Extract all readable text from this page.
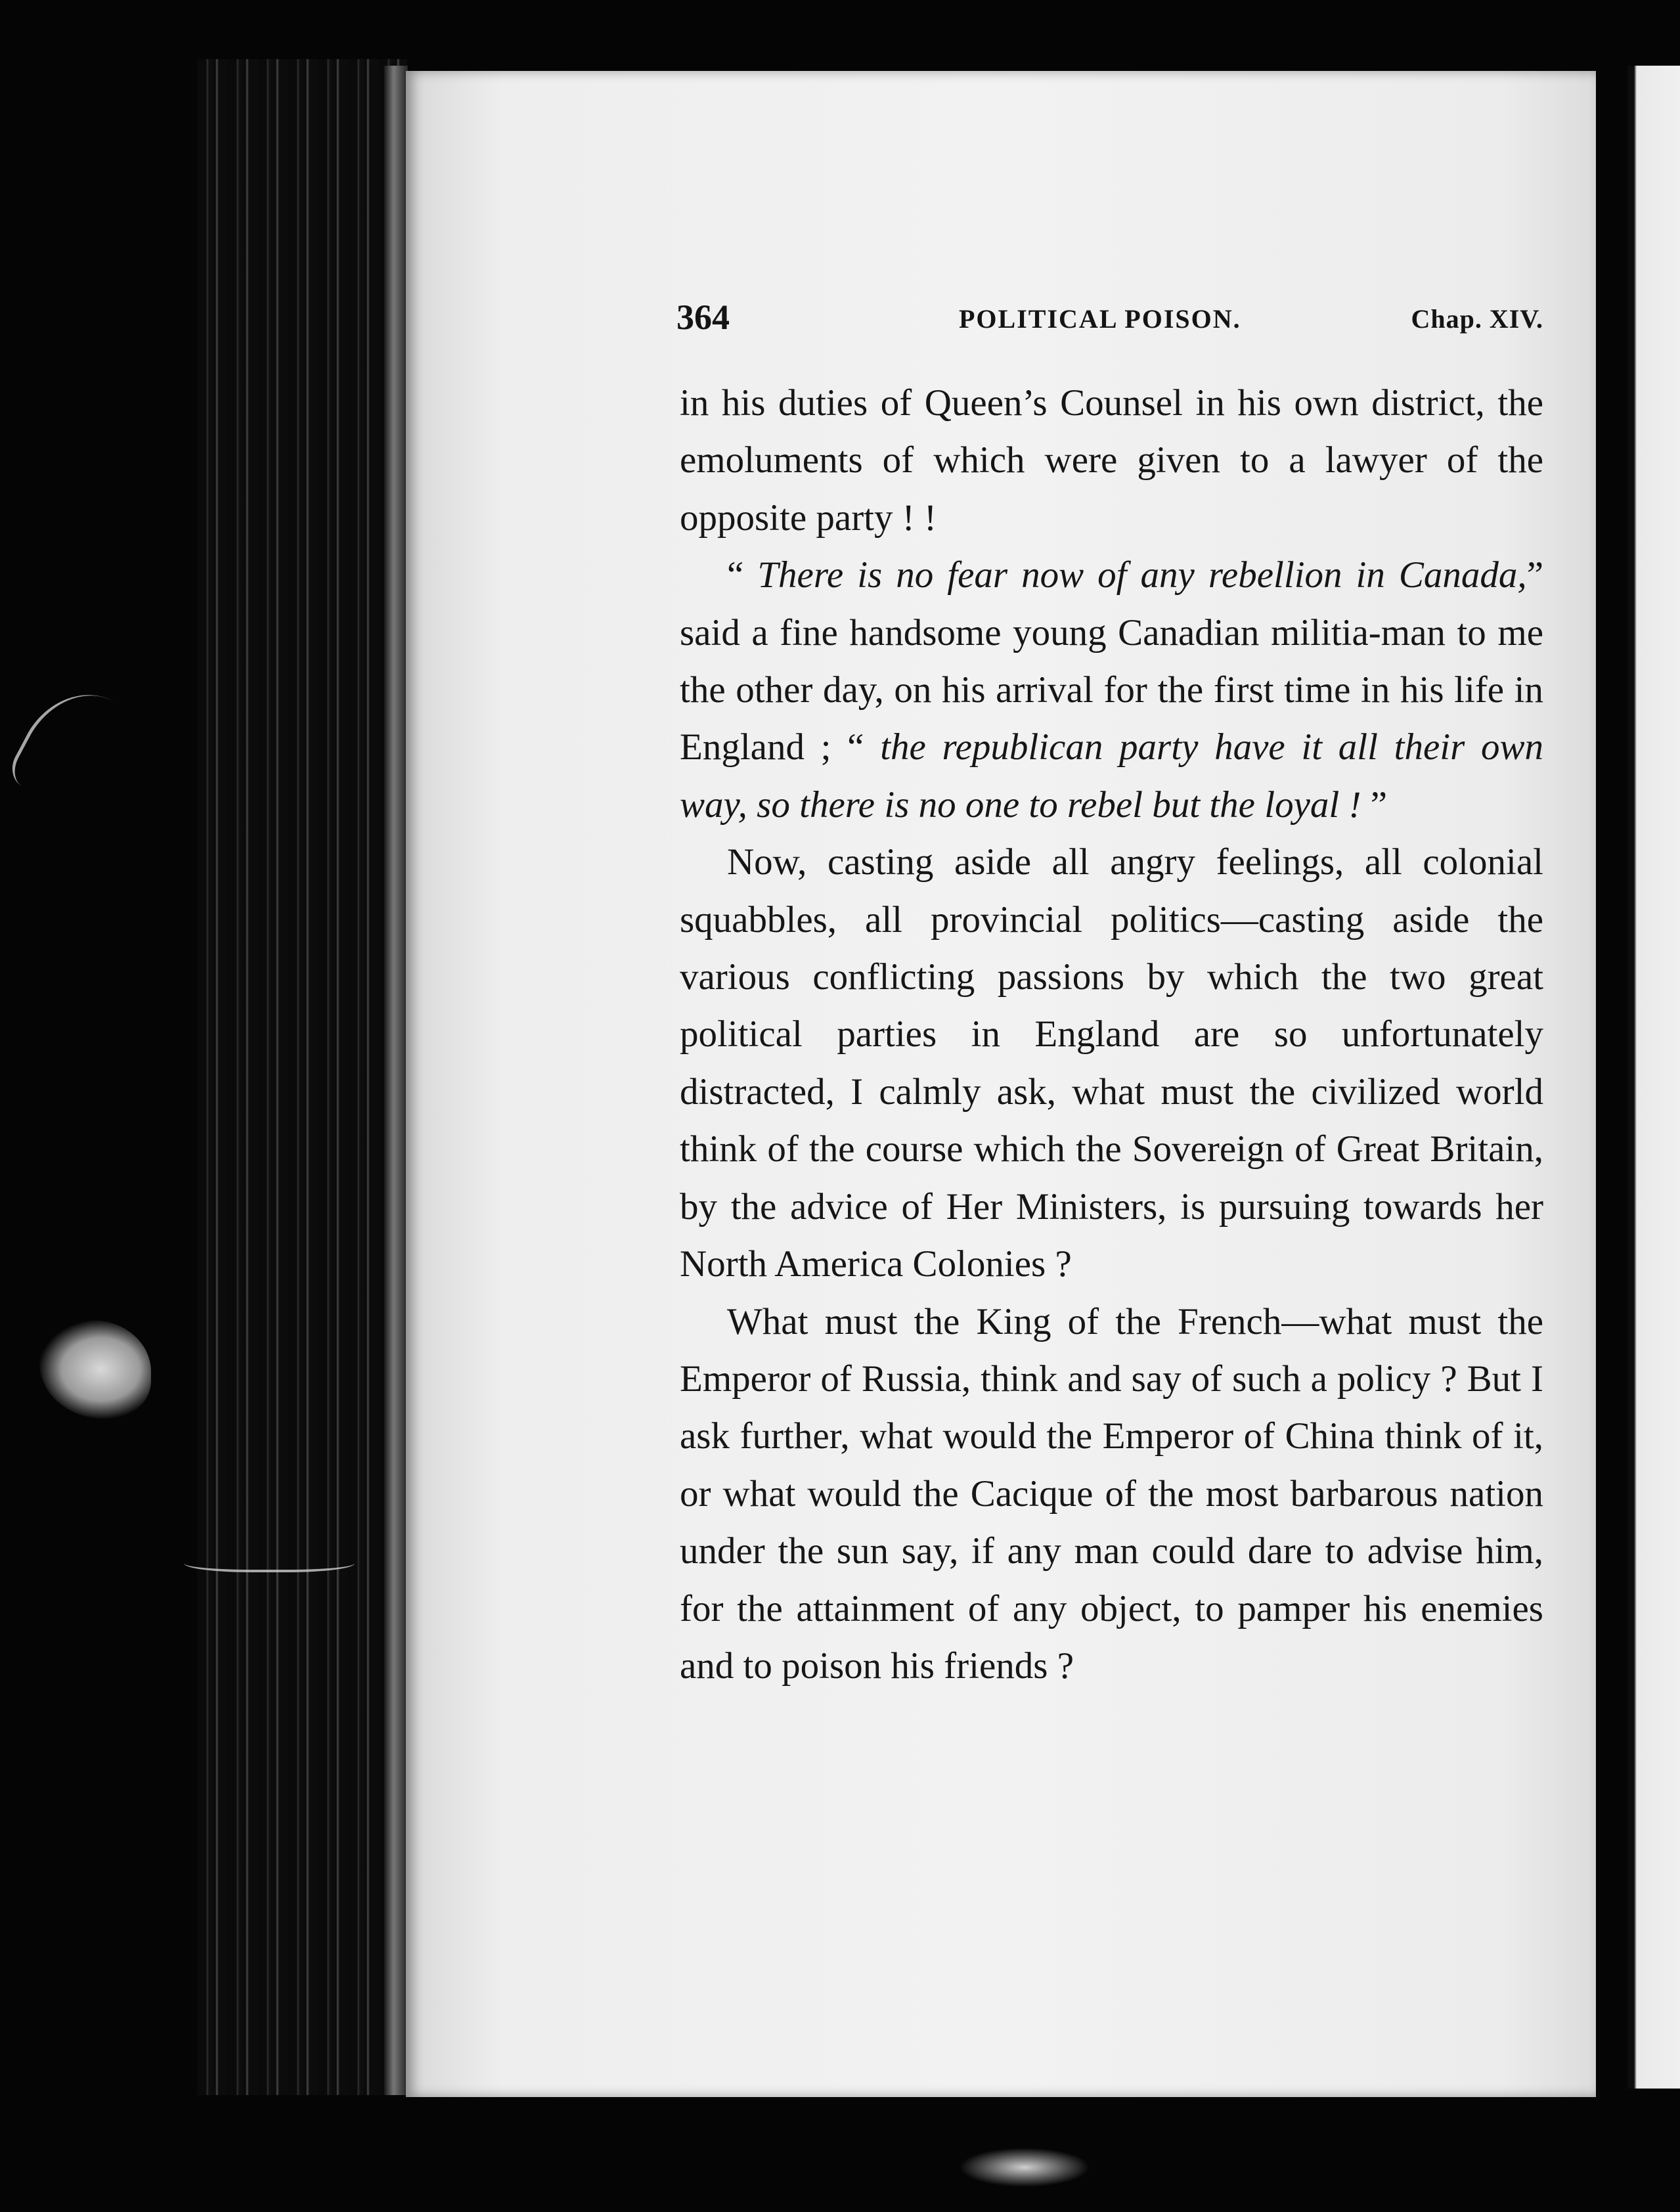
364	POLITICAL POISON.	Chap. XIV.

in his duties of Queen’s Counsel in his own district, the emoluments of which were given to a lawyer of the opposite party ! !

“ There is no fear now of any rebellion in Canada,” said a fine handsome young Canadian militia-man to me the other day, on his arrival for the first time in his life in England ; “ the republican party have it all their own way, so there is no one to rebel but the loyal ! ”

Now, casting aside all angry feelings, all colonial squabbles, all provincial politics—casting aside the various conflicting passions by which the two great political parties in England are so unfortunately distracted, I calmly ask, what must the civilized world think of the course which the Sovereign of Great Britain, by the advice of Her Ministers, is pursuing towards her North America Colonies ?

What must the King of the French—what must the Emperor of Russia, think and say of such a policy ? But I ask further, what would the Emperor of China think of it, or what would the Cacique of the most barbarous nation under the sun say, if any man could dare to advise him, for the attainment of any object, to pamper his enemies and to poison his friends ?
